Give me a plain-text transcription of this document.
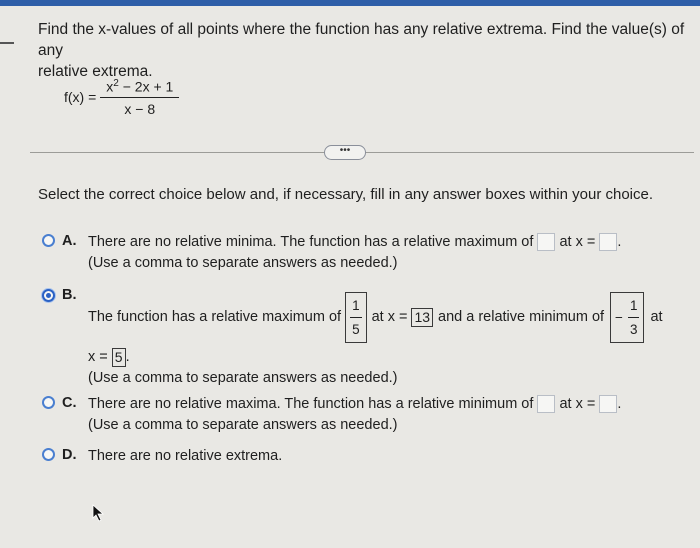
Find the x-values of all points where the function has any relative extrema. Find the value(s) of any
relative extrema.
$f(x) = \frac{x^2 - 2x + 1}{x - 8}$
•••
Select the correct choice below and, if necessary, fill in any answer boxes within your choice.
A. There are no relative minima. The function has a relative maximum of at x = .
(Use a comma to separate answers as needed.)
B.
The function has a relative maximum of
1
5
at x = 13 and a relative minimum of − $\frac{1}{3}$ at
x = 5 .
(Use a comma to separate answers as needed.)
C. There are no relative maxima. The function has a relative minimum of at x = .
(Use a comma to separate answers as needed.)
D. There are no relative extrema.
